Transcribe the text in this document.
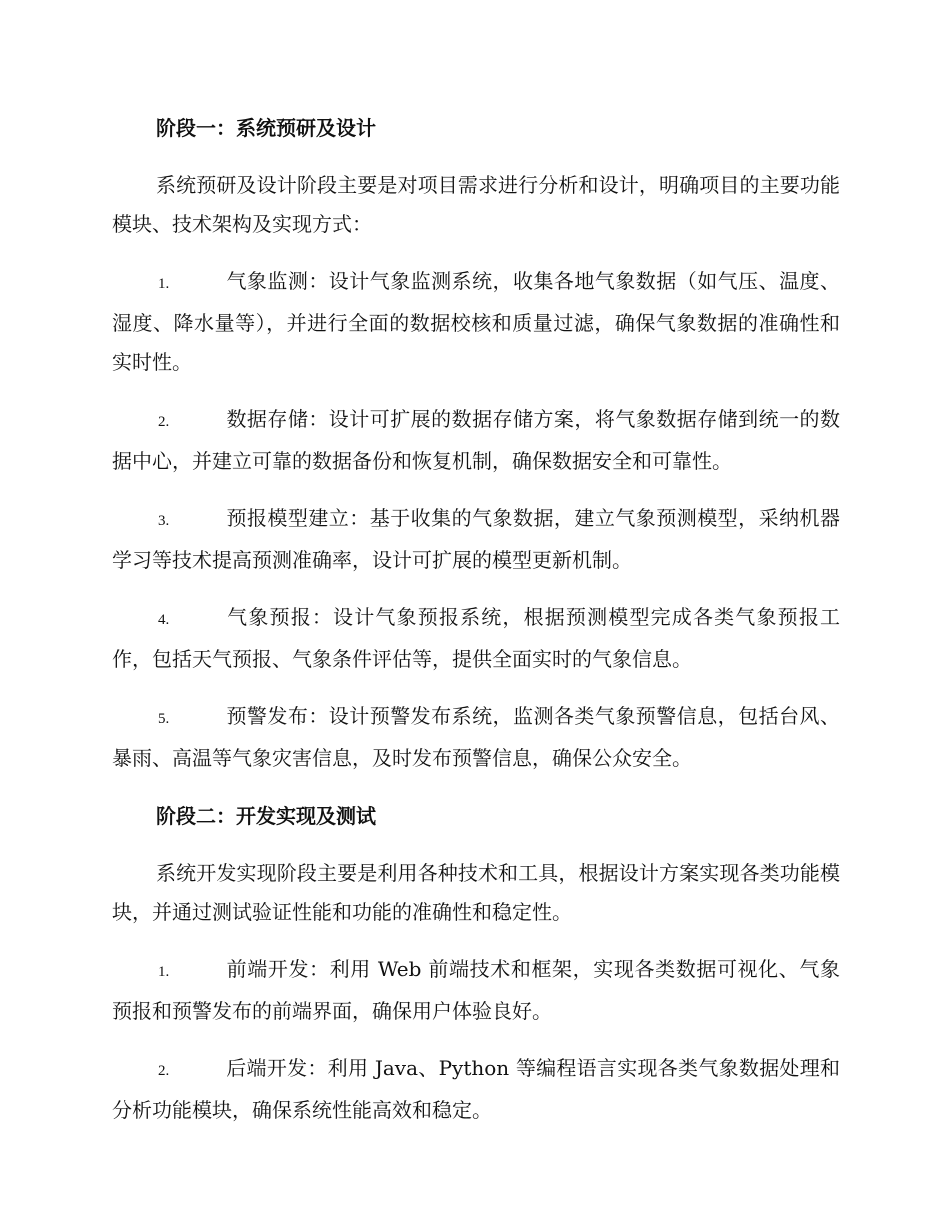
阶段一：系统预研及设计
系统预研及设计阶段主要是对项目需求进行分析和设计，明确项目的主要功能模块、技术架构及实现方式：
1.	气象监测：设计气象监测系统，收集各地气象数据（如气压、温度、湿度、降水量等），并进行全面的数据校核和质量过滤，确保气象数据的准确性和实时性。
2.	数据存储：设计可扩展的数据存储方案，将气象数据存储到统一的数据中心，并建立可靠的数据备份和恢复机制，确保数据安全和可靠性。
3.	预报模型建立：基于收集的气象数据，建立气象预测模型，采纳机器学习等技术提高预测准确率，设计可扩展的模型更新机制。
4.	气象预报：设计气象预报系统，根据预测模型完成各类气象预报工作，包括天气预报、气象条件评估等，提供全面实时的气象信息。
5.	预警发布：设计预警发布系统，监测各类气象预警信息，包括台风、暴雨、高温等气象灾害信息，及时发布预警信息，确保公众安全。
阶段二：开发实现及测试
系统开发实现阶段主要是利用各种技术和工具，根据设计方案实现各类功能模块，并通过测试验证性能和功能的准确性和稳定性。
1.	前端开发：利用 Web 前端技术和框架，实现各类数据可视化、气象预报和预警发布的前端界面，确保用户体验良好。
2.	后端开发：利用 Java、Python 等编程语言实现各类气象数据处理和分析功能模块，确保系统性能高效和稳定。
